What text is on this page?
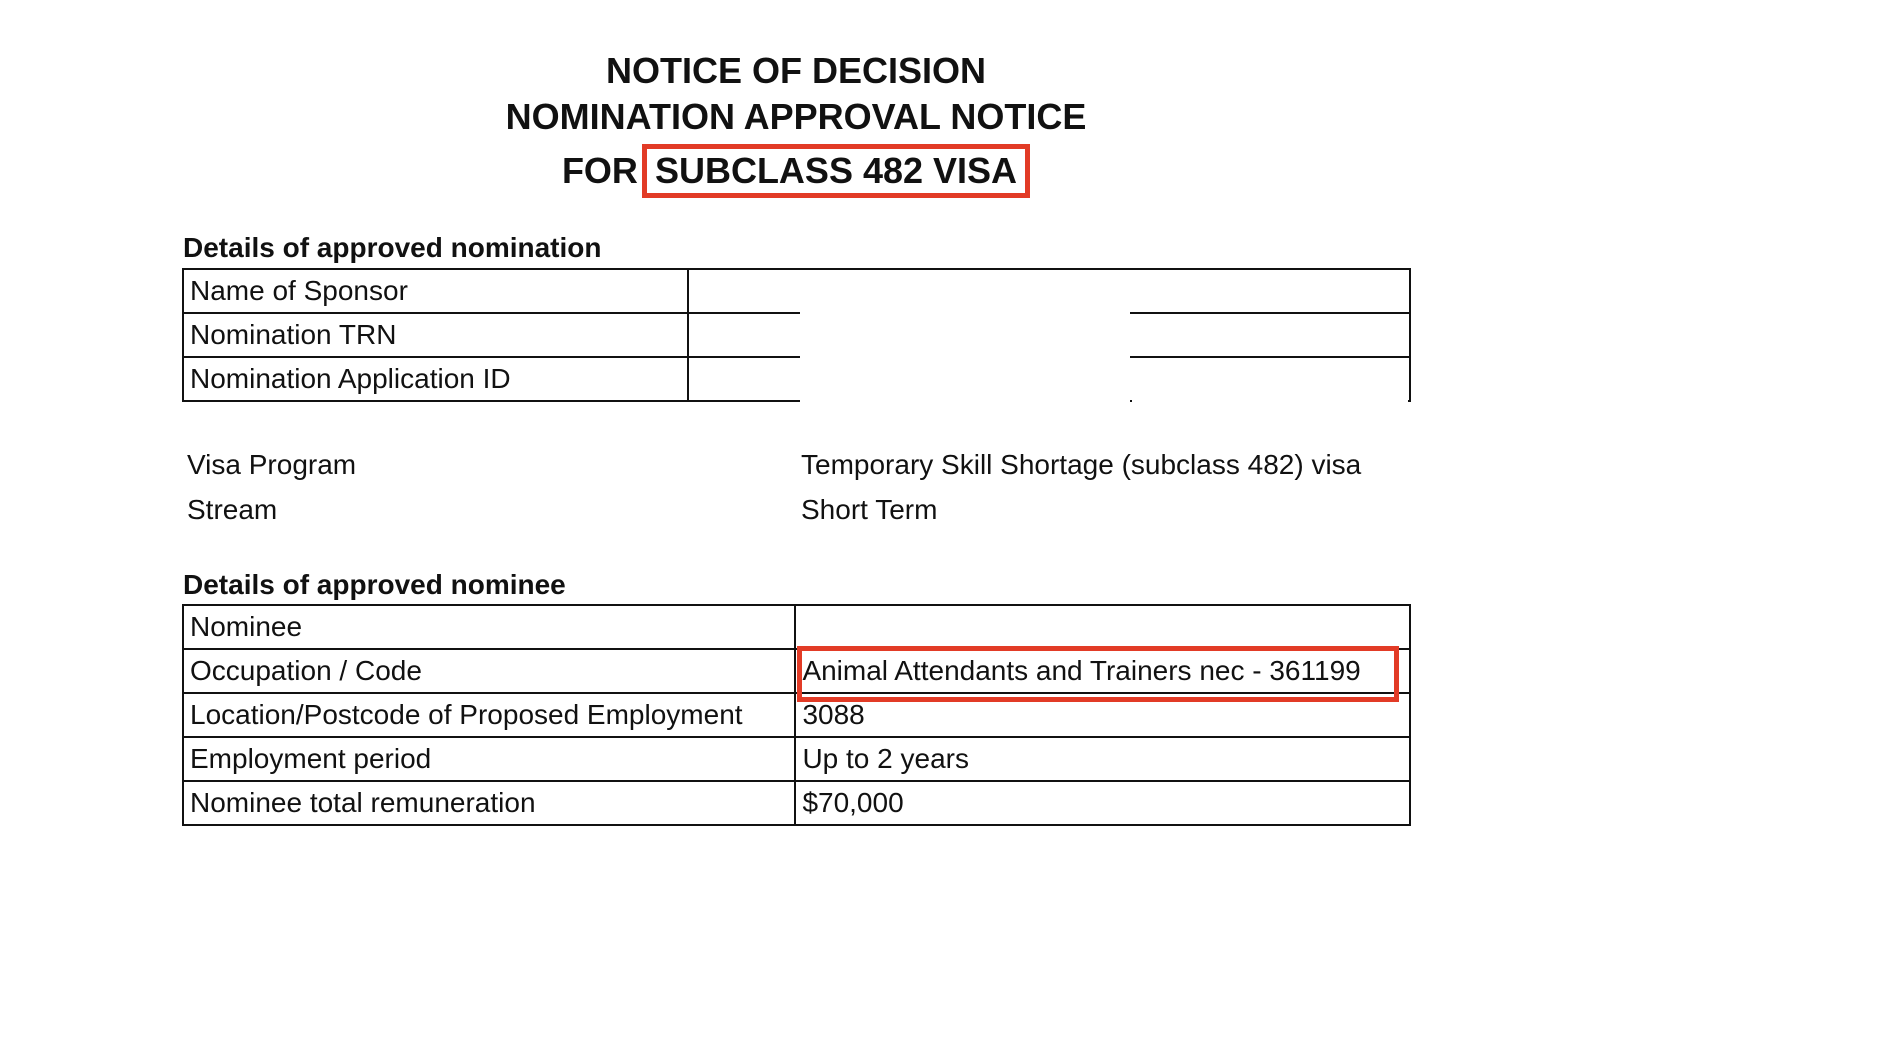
NOTICE OF DECISION
NOMINATION APPROVAL NOTICE
FOR SUBCLASS 482 VISA
Details of approved nomination
Name of Sponsor	
Nomination TRN	
Nomination Application ID	
Visa Program	Temporary Skill Shortage (subclass 482) visa
Stream	Short Term
Details of approved nominee
Nominee	
Occupation / Code	Animal Attendants and Trainers nec - 361199
Location/Postcode of Proposed Employment	3088
Employment period	Up to 2 years
Nominee total remuneration	$70,000
